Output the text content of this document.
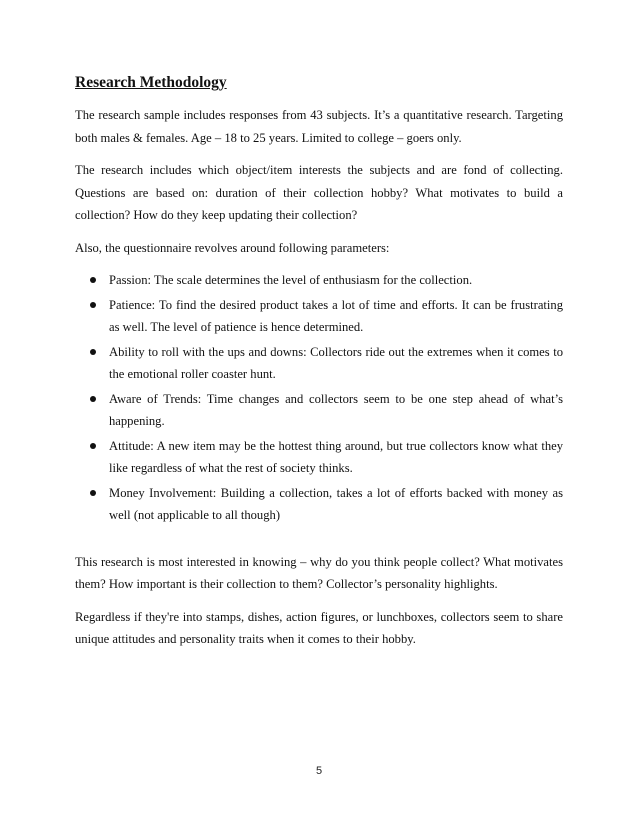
Research Methodology

The research sample includes responses from 43 subjects. It’s a quantitative research. Targeting both males & females. Age – 18 to 25 years. Limited to college – goers only.

The research includes which object/item interests the subjects and are fond of collecting. Questions are based on: duration of their collection hobby? What motivates to build a collection? How do they keep updating their collection?

Also, the questionnaire revolves around following parameters:

Passion: The scale determines the level of enthusiasm for the collection.
Patience: To find the desired product takes a lot of time and efforts. It can be frustrating as well. The level of patience is hence determined.
Ability to roll with the ups and downs: Collectors ride out the extremes when it comes to the emotional roller coaster hunt.
Aware of Trends: Time changes and collectors seem to be one step ahead of what’s happening.
Attitude: A new item may be the hottest thing around, but true collectors know what they like regardless of what the rest of society thinks.
Money Involvement: Building a collection, takes a lot of efforts backed with money as well (not applicable to all though)

This research is most interested in knowing – why do you think people collect? What motivates them? How important is their collection to them? Collector’s personality highlights.

Regardless if they're into stamps, dishes, action figures, or lunchboxes, collectors seem to share unique attitudes and personality traits when it comes to their hobby.

5
